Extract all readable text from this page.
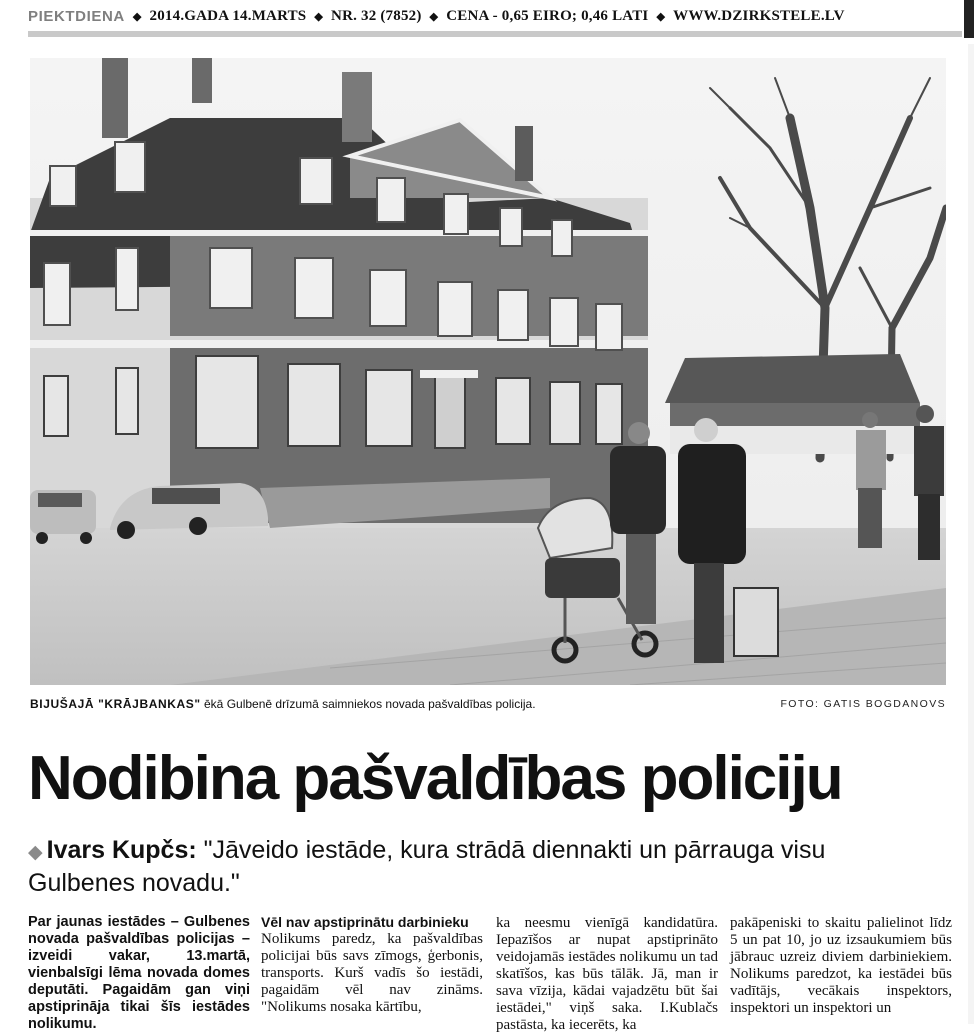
PIEKTDIENA ◆ 2014.GADA 14.MARTS ◆ NR. 32 (7852) ◆ CENA - 0,65 EIRO; 0,46 LATI ◆ WWW.DZIRKSTELE.LV
BIJUŠAJĀ "KRĀJBANKAS" ēkā Gulbenē drīzumā saimniekos novada pašvaldības policija.	FOTO: GATIS BOGDANOVS
Nodibina pašvaldības policiju
◆ Ivars Kupčs: "Jāveido iestāde, kura strādā diennakti un pārrauga visu Gulbenes novadu."

Par jaunas iestādes – Gulbenes novada pašvaldības policijas – izveidi vakar, 13.martā, vienbalsīgi lēma novada domes deputāti. Pagaidām gan viņi apstiprināja tikai šīs iestādes nolikumu.

Vēl nav apstiprinātu darbinieku

Nolikums paredz, ka pašvaldības policijai būs savs zīmogs, ģerbonis, transports. Kurš vadīs šo iestādi, pagaidām vēl nav zināms. "Nolikums nosaka kārtību,

ka neesmu vienīgā kandidatūra. Iepazīšos ar nupat apstiprināto veidojamās iestādes nolikumu un tad skatīšos, kas būs tālāk. Jā, man ir sava vīzija, kādai vajadzētu būt šai iestādei," viņš saka. I.Kublačs pastāsta, ka iecerēts, ka

pakāpeniski to skaitu palielinot līdz 5 un pat 10, jo uz izsaukumiem būs jābrauc uzreiz diviem darbiniekiem. Nolikums paredzot, ka iestādei būs vadītājs, vecākais inspektors, inspektori un inspektori un
